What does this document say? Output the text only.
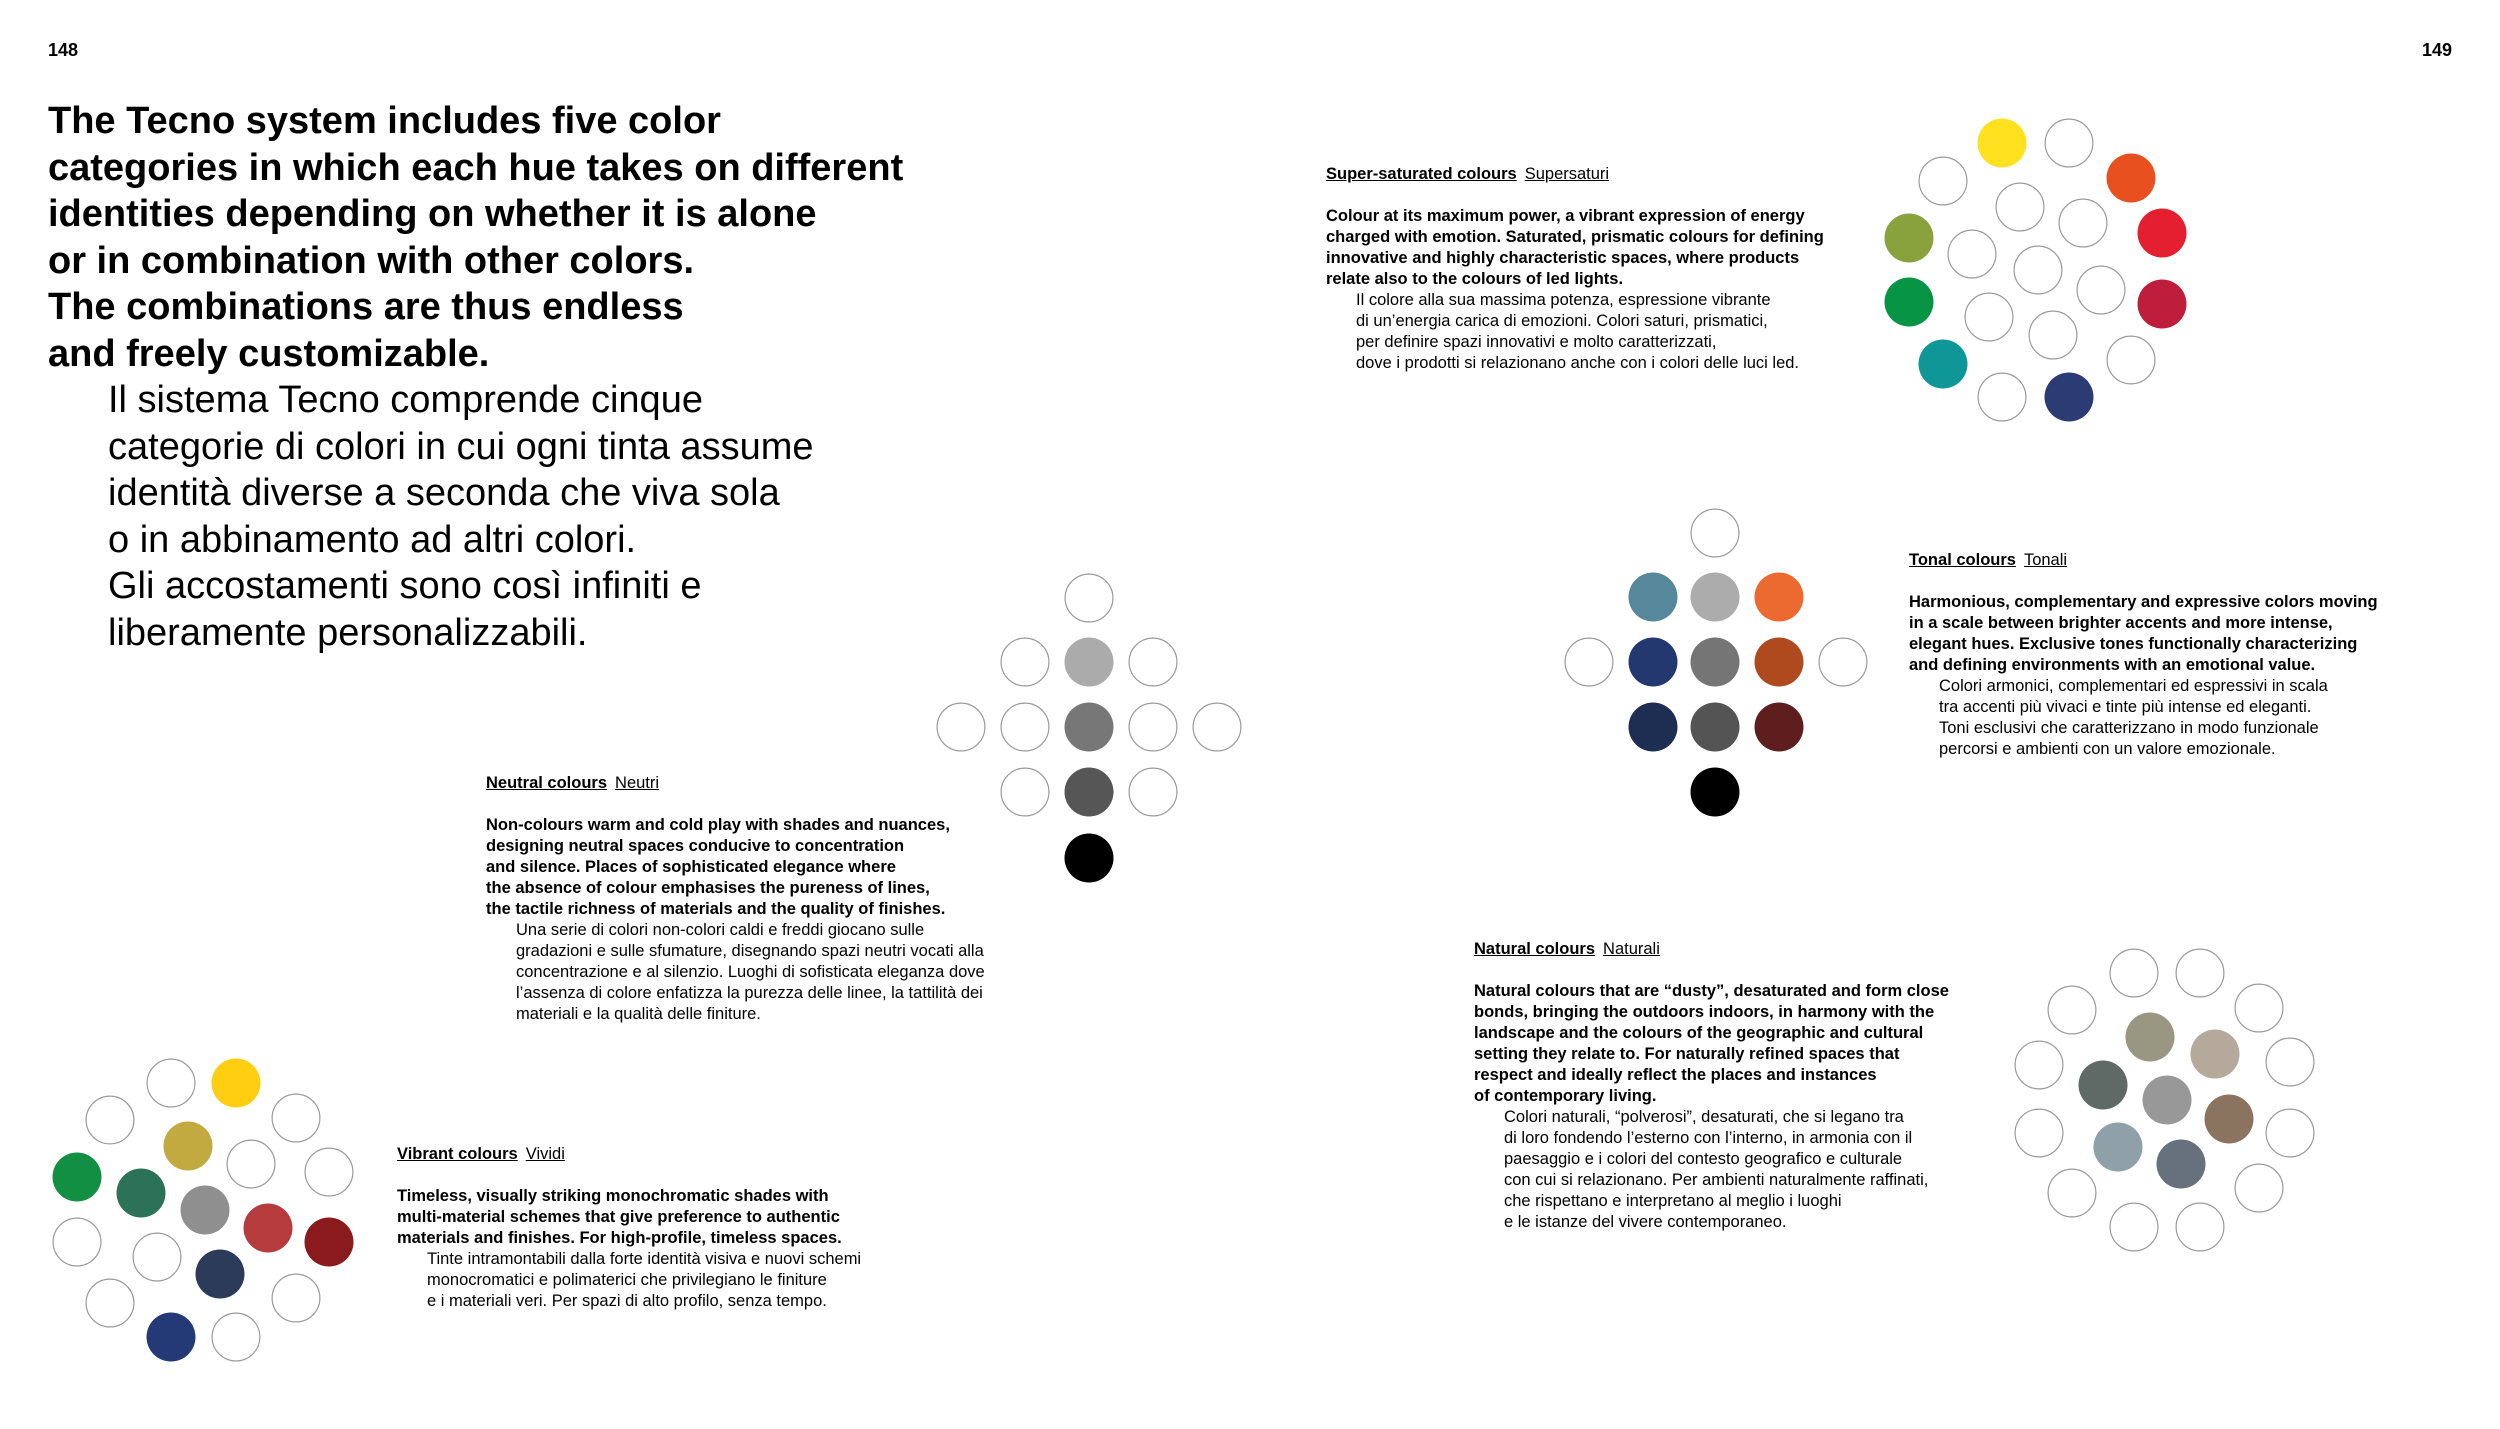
148	149
The Tecno system includes five color
categories in which each hue takes on different
identities depending on whether it is alone
or in combination with other colors.
The combinations are thus endless
and freely customizable.
Il sistema Tecno comprende cinque
categorie di colori in cui ogni tinta assume
identità diverse a seconda che viva sola
o in abbinamento ad altri colori.
Gli accostamenti sono così infiniti e
liberamente personalizzabili.
Super-saturated colours Supersaturi
Colour at its maximum power, a vibrant expression of energy
charged with emotion. Saturated, prismatic colours for defining
innovative and highly characteristic spaces, where products
relate also to the colours of led lights.
Il colore alla sua massima potenza, espressione vibrante
di un’energia carica di emozioni. Colori saturi, prismatici,
per definire spazi innovativi e molto caratterizzati,
dove i prodotti si relazionano anche con i colori delle luci led.
Tonal colours Tonali
Harmonious, complementary and expressive colors moving
in a scale between brighter accents and more intense,
elegant hues. Exclusive tones functionally characterizing
and defining environments with an emotional value.
Colori armonici, complementari ed espressivi in scala
tra accenti più vivaci e tinte più intense ed eleganti.
Toni esclusivi che caratterizzano in modo funzionale
percorsi e ambienti con un valore emozionale.
Neutral colours Neutri
Non-colours warm and cold play with shades and nuances,
designing neutral spaces conducive to concentration
and silence. Places of sophisticated elegance where
the absence of colour emphasises the pureness of lines,
the tactile richness of materials and the quality of finishes.
Una serie di colori non-colori caldi e freddi giocano sulle
gradazioni e sulle sfumature, disegnando spazi neutri vocati alla
concentrazione e al silenzio. Luoghi di sofisticata eleganza dove
l’assenza di colore enfatizza la purezza delle linee, la tattilità dei
materiali e la qualità delle finiture.
Natural colours Naturali
Natural colours that are “dusty”, desaturated and form close
bonds, bringing the outdoors indoors, in harmony with the
landscape and the colours of the geographic and cultural
setting they relate to. For naturally refined spaces that
respect and ideally reflect the places and instances
of contemporary living.
Colori naturali, “polverosi”, desaturati, che si legano tra
di loro fondendo l’esterno con l’interno, in armonia con il
paesaggio e i colori del contesto geografico e culturale
con cui si relazionano. Per ambienti naturalmente raffinati,
che rispettano e interpretano al meglio i luoghi
e le istanze del vivere contemporaneo.
Vibrant colours Vividi
Timeless, visually striking monochromatic shades with
multi-material schemes that give preference to authentic
materials and finishes. For high-profile, timeless spaces.
Tinte intramontabili dalla forte identità visiva e nuovi schemi
monocromatici e polimaterici che privilegiano le finiture
e i materiali veri. Per spazi di alto profilo, senza tempo.
